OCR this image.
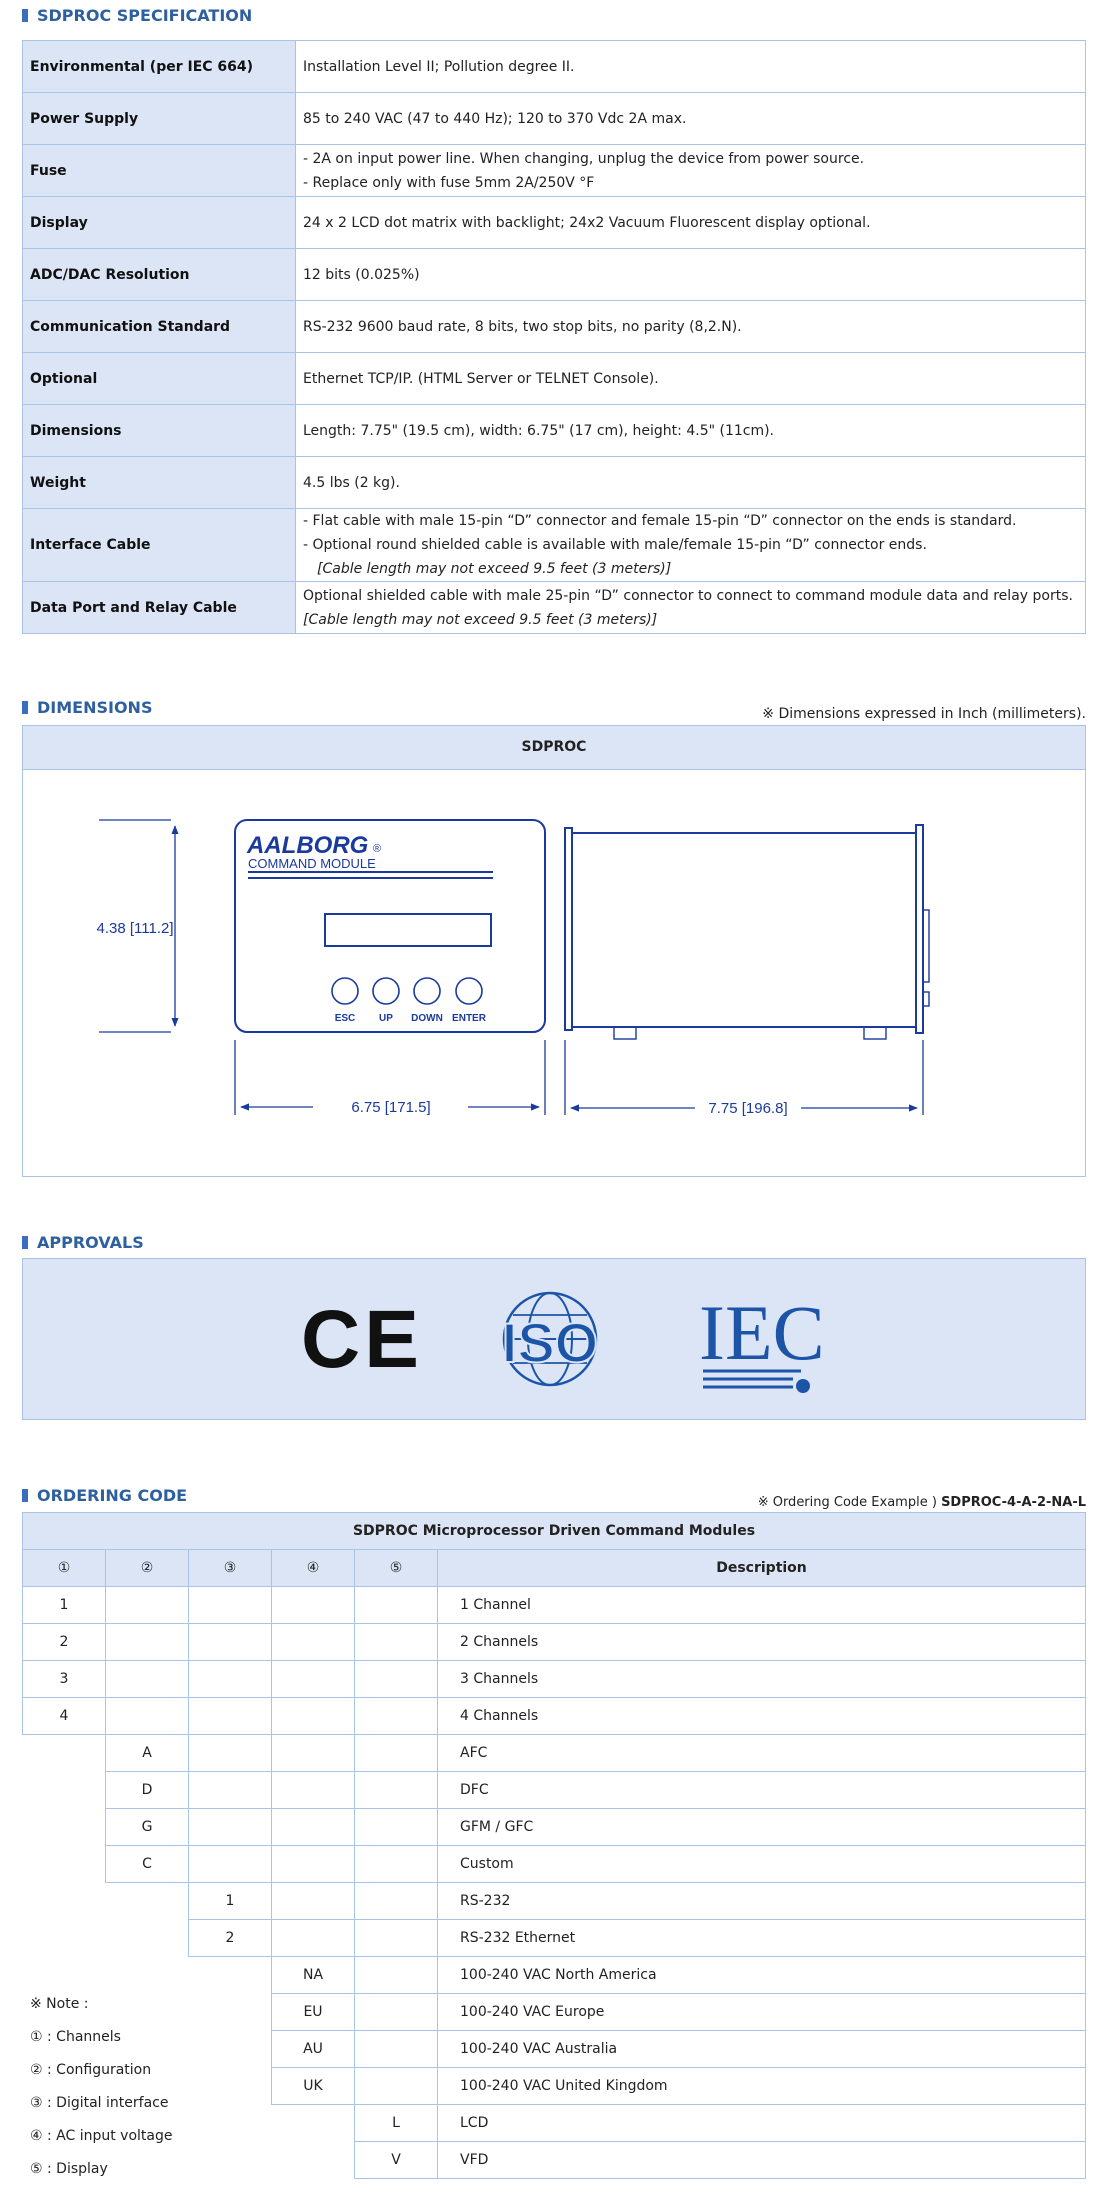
SDPROC SPECIFICATION
Environmental (per IEC 664)	Installation Level II; Pollution degree II.

Power Supply	85 to 240 VAC (47 to 440 Hz); 120 to 370 Vdc 2A max.

Fuse	- 2A on input power line. When changing, unplug the device from power source.
- Replace only with fuse 5mm 2A/250V °F

Display	24 x 2 LCD dot matrix with backlight; 24x2 Vacuum Fluorescent display optional.

ADC/DAC Resolution	12 bits (0.025%)

Communication Standard	RS-232 9600 baud rate, 8 bits, two stop bits, no parity (8,2.N).

Optional	Ethernet TCP/IP. (HTML Server or TELNET Console).

Dimensions	Length: 7.75" (19.5 cm), width: 6.75" (17 cm), height: 4.5" (11cm).

Weight	4.5 lbs (2 kg).

Interface Cable	- Flat cable with male 15-pin “D” connector and female 15-pin “D” connector on the ends is standard.
- Optional round shielded cable is available with male/female 15-pin “D” connector ends.
[Cable length may not exceed 9.5 feet (3 meters)]

Data Port and Relay Cable	Optional shielded cable with male 25-pin “D” connector to connect to command module data and relay ports.
[Cable length may not exceed 9.5 feet (3 meters)]
DIMENSIONS	※ Dimensions expressed in Inch (millimeters).
SDPROC
AALBORG ®
COMMAND MODULE
ESC UP DOWN ENTER
4.38 [111.2]
6.75 [171.5]	7.75 [196.8]
APPROVALS
CE ISO IEC
ORDERING CODE	※ Ordering Code Example ) SDPROC-4-A-2-NA-L
SDPROC Microprocessor Driven Command Modules					
①	②	③	④	⑤	Description
1					1 Channel
2					2 Channels
3					3 Channels
4					4 Channels
	A				AFC
	D				DFC
	G				GFM / GFC
	C				Custom
		1			RS-232
		2			RS-232 Ethernet
			NA		100-240 VAC North America
			EU		100-240 VAC Europe
			AU		100-240 VAC Australia
			UK		100-240 VAC United Kingdom
				L	LCD
				V	VFD
※ Note :
① : Channels
② : Configuration
③ : Digital interface
④ : AC input voltage
⑤ : Display
